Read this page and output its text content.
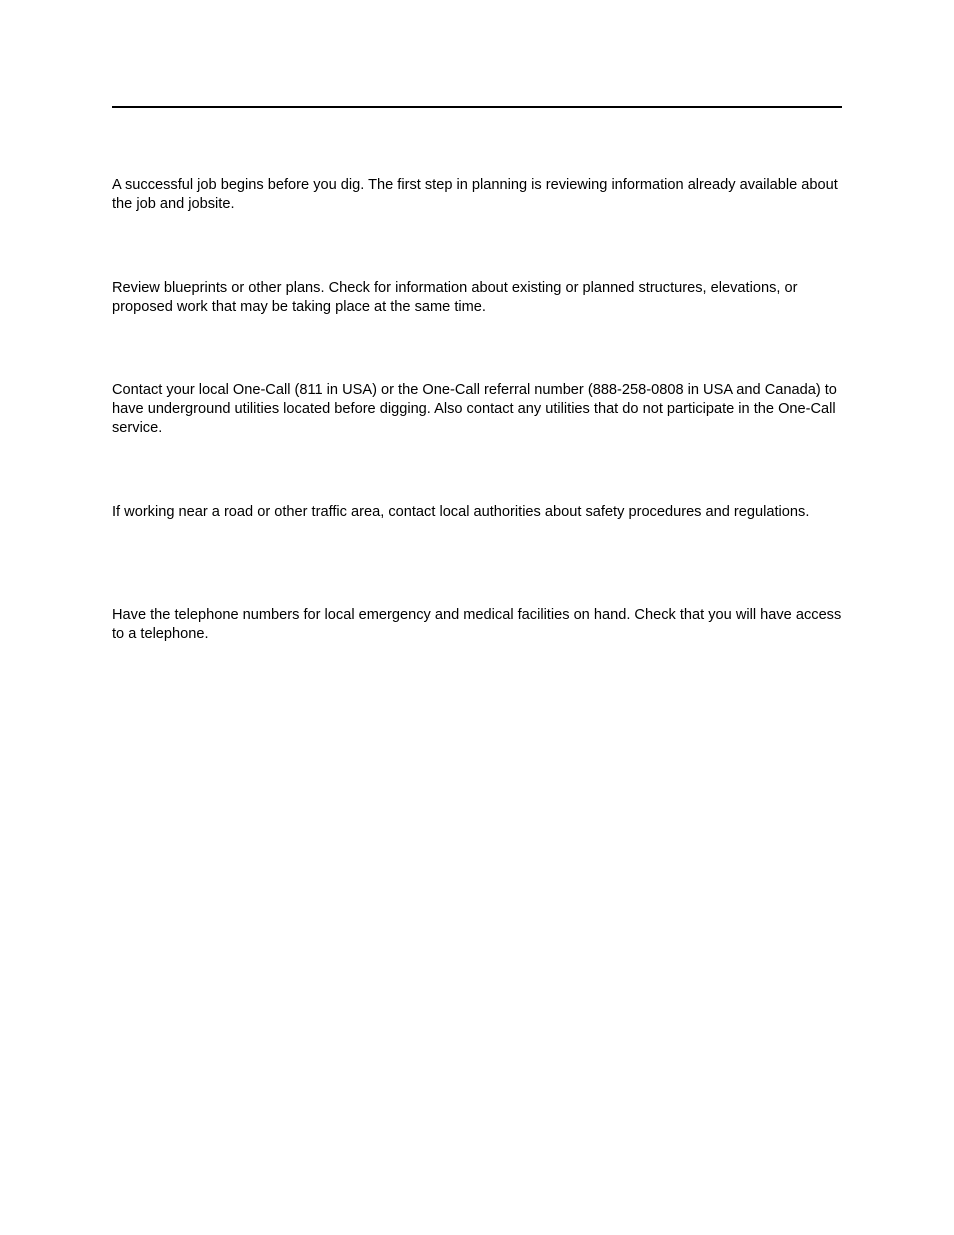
A successful job begins before you dig. The first step in planning is reviewing information already available about the job and jobsite.

Review blueprints or other plans. Check for information about existing or planned structures, elevations, or proposed work that may be taking place at the same time.

Contact your local One-Call (811 in USA) or the One-Call referral number (888-258-0808 in USA and Canada) to have underground utilities located before digging. Also contact any utilities that do not participate in the One-Call service.

If working near a road or other traffic area, contact local authorities about safety procedures and regulations.

Have the telephone numbers for local emergency and medical facilities on hand. Check that you will have access to a telephone.
